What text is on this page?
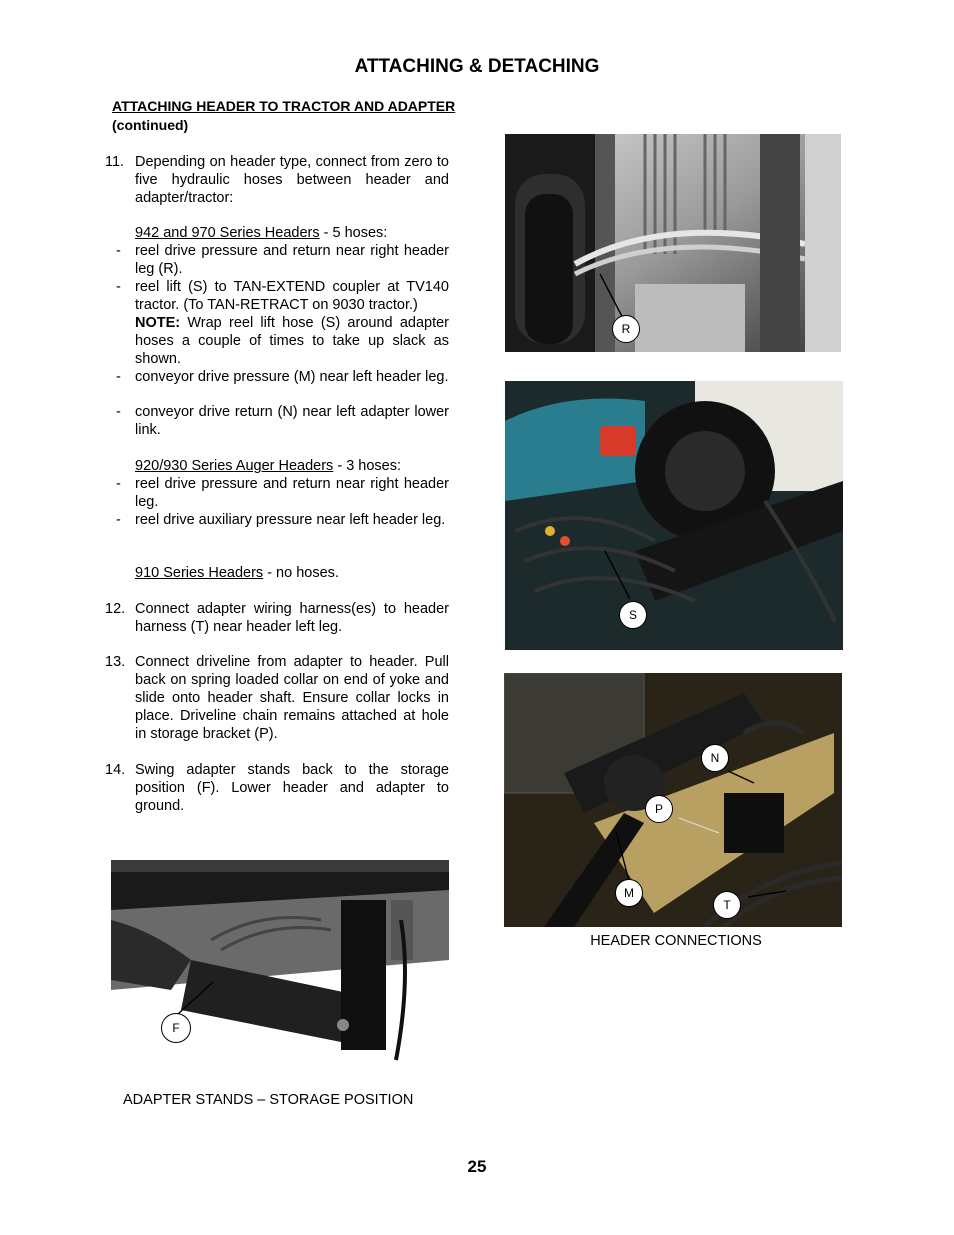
ATTACHING & DETACHING
ATTACHING HEADER TO TRACTOR AND ADAPTER
(continued)
11. Depending on header type, connect from zero to five hydraulic hoses between header and adapter/tractor:
942 and 970 Series Headers - 5 hoses:
- reel drive pressure and return near right header leg (R).
- reel lift (S) to TAN-EXTEND coupler at TV140 tractor. (To TAN-RETRACT on 9030 tractor.)
NOTE: Wrap reel lift hose (S) around adapter hoses a couple of times to take up slack as shown.
- conveyor drive pressure (M) near left header leg.
- conveyor drive return (N) near left adapter lower link.
920/930 Series Auger Headers - 3 hoses:
- reel drive pressure and return near right header leg.
- reel drive auxiliary pressure near left header leg.
910 Series Headers - no hoses.
12. Connect adapter wiring harness(es) to header harness (T) near header left leg.
13. Connect driveline from adapter to header. Pull back on spring loaded collar on end of yoke and slide onto header shaft. Ensure collar locks in place. Driveline chain remains attached at hole in storage bracket (P).
14. Swing adapter stands back to the storage position (F). Lower header and adapter to ground.
R
S
N
P
M
T
HEADER CONNECTIONS
F
ADAPTER STANDS – STORAGE POSITION
25
